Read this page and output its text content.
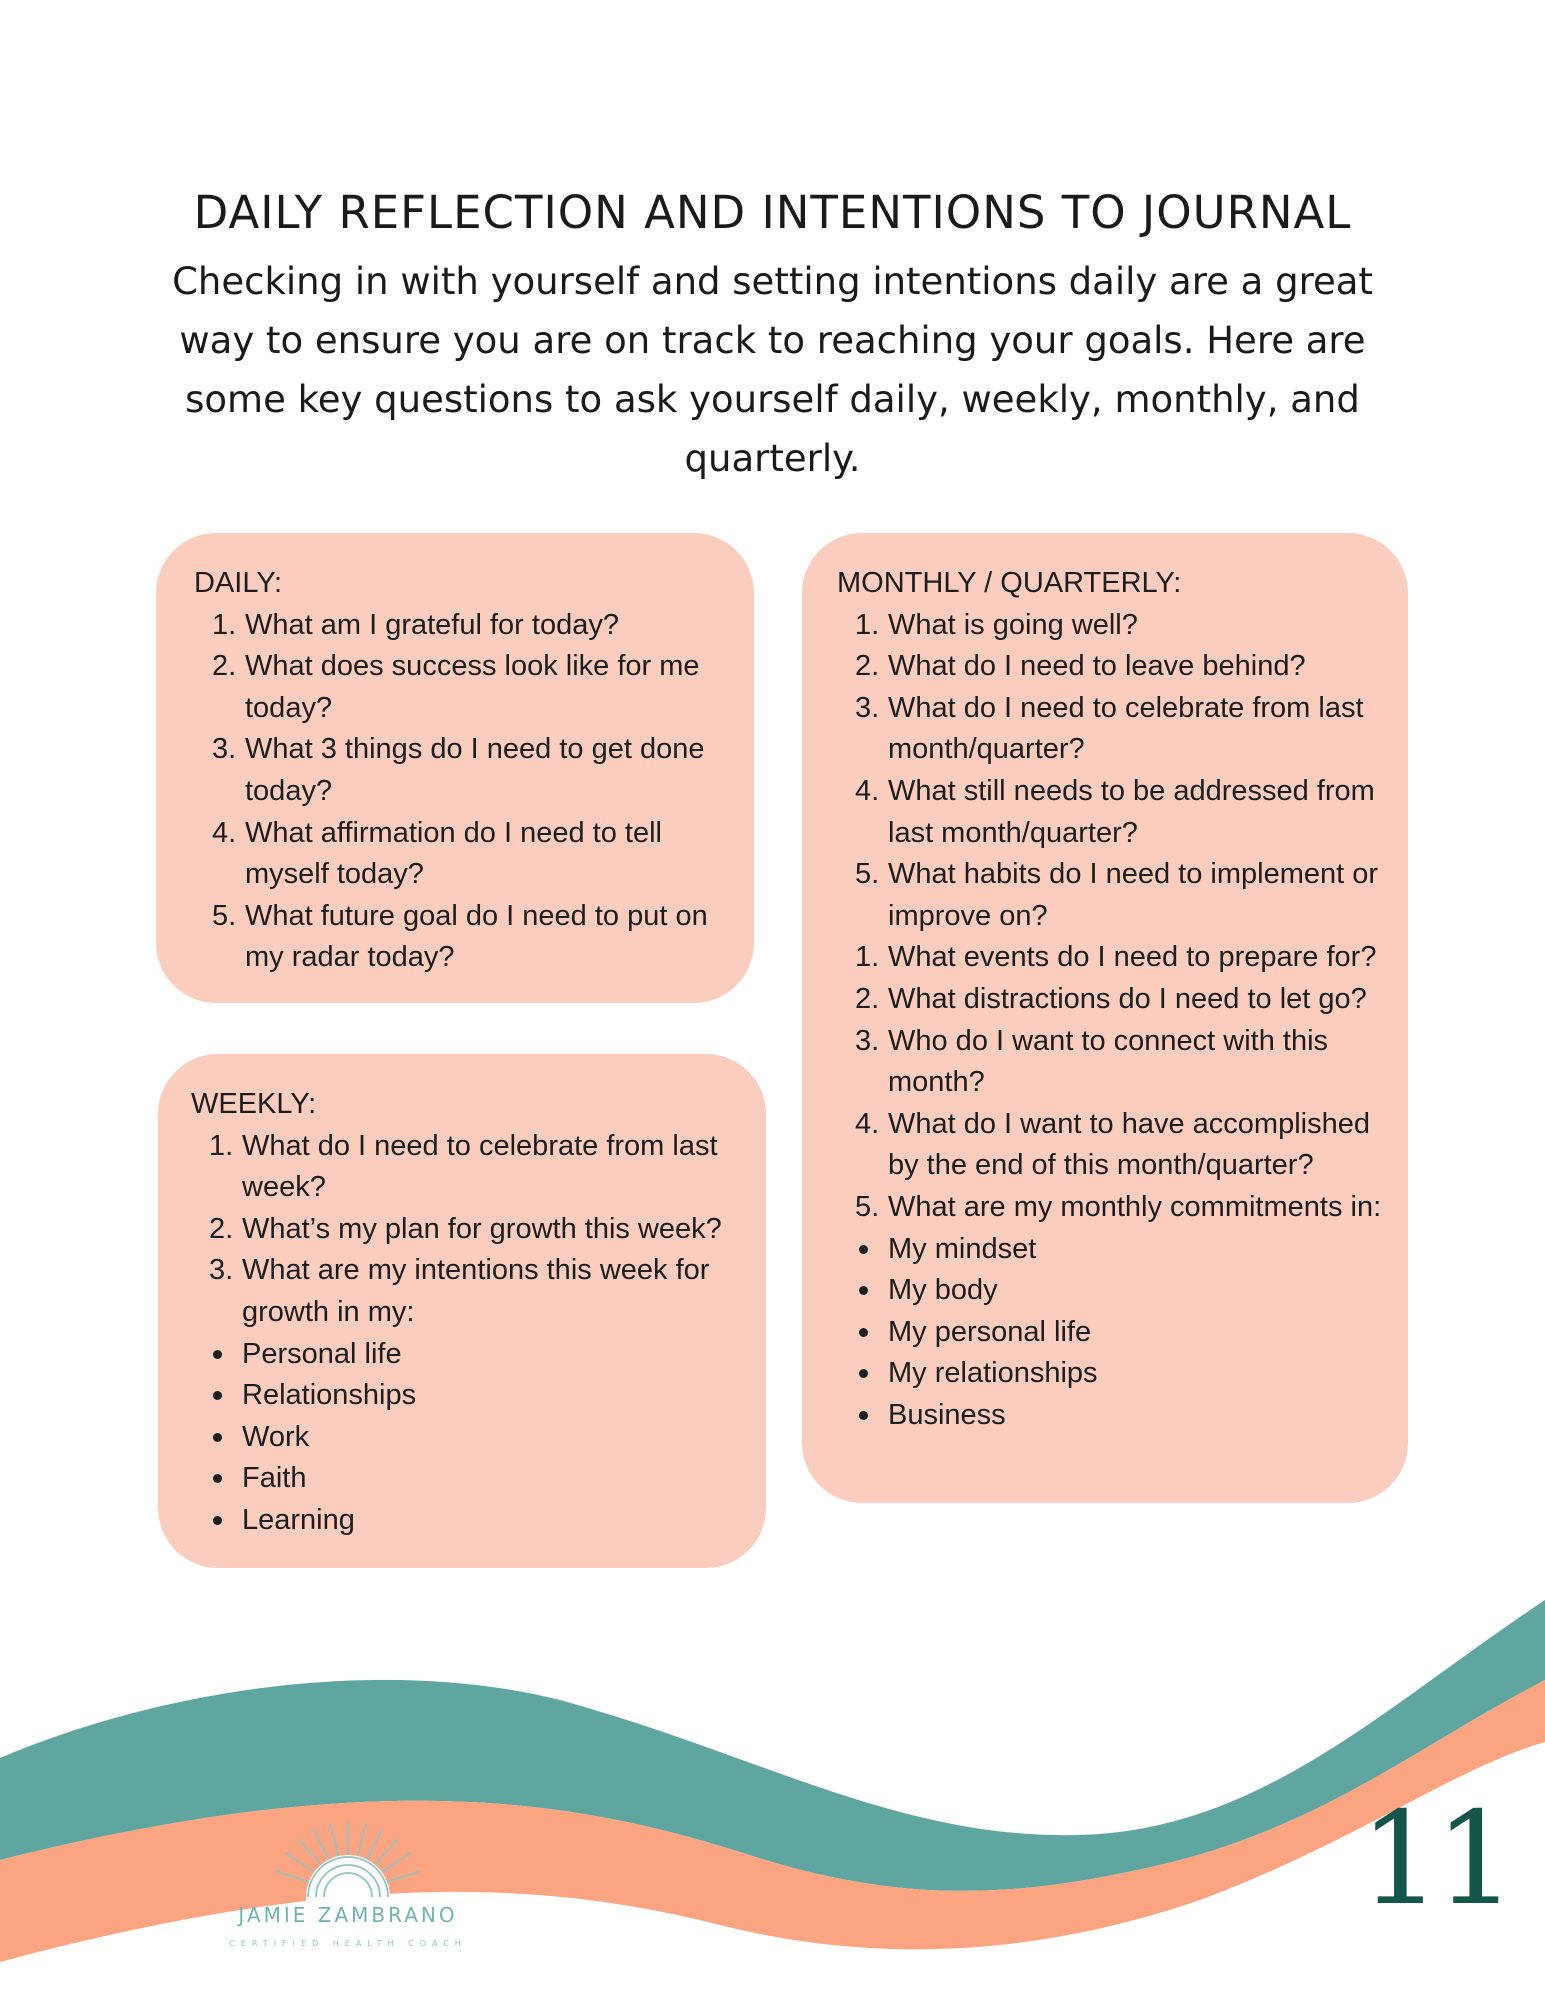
DAILY REFLECTION AND INTENTIONS TO JOURNAL

Checking in with yourself and setting intentions daily are a great way to ensure you are on track to reaching your goals. Here are some key questions to ask yourself daily, weekly, monthly, and quarterly.

DAILY:
1. What am I grateful for today?
2. What does success look like for me today?
3. What 3 things do I need to get done today?
4. What affirmation do I need to tell myself today?
5. What future goal do I need to put on my radar today?
WEEKLY:
1. What do I need to celebrate from last week?
2. What’s my plan for growth this week?
3. What are my intentions this week for growth in my:
Personal life
Relationships
Work
Faith
Learning
MONTHLY / QUARTERLY:
1. What is going well?
2. What do I need to leave behind?
3. What do I need to celebrate from last month/quarter?
4. What still needs to be addressed from last month/quarter?
5. What habits do I need to implement or improve on?
1. What events do I need to prepare for?
2. What distractions do I need to let go?
3. Who do I want to connect with this month?
4. What do I want to have accomplished by the end of this month/quarter?
5. What are my monthly commitments in:
My mindset
My body
My personal life
My relationships
Business
JAMIE ZAMBRANO
CERTIFIED HEALTH COACH
11
